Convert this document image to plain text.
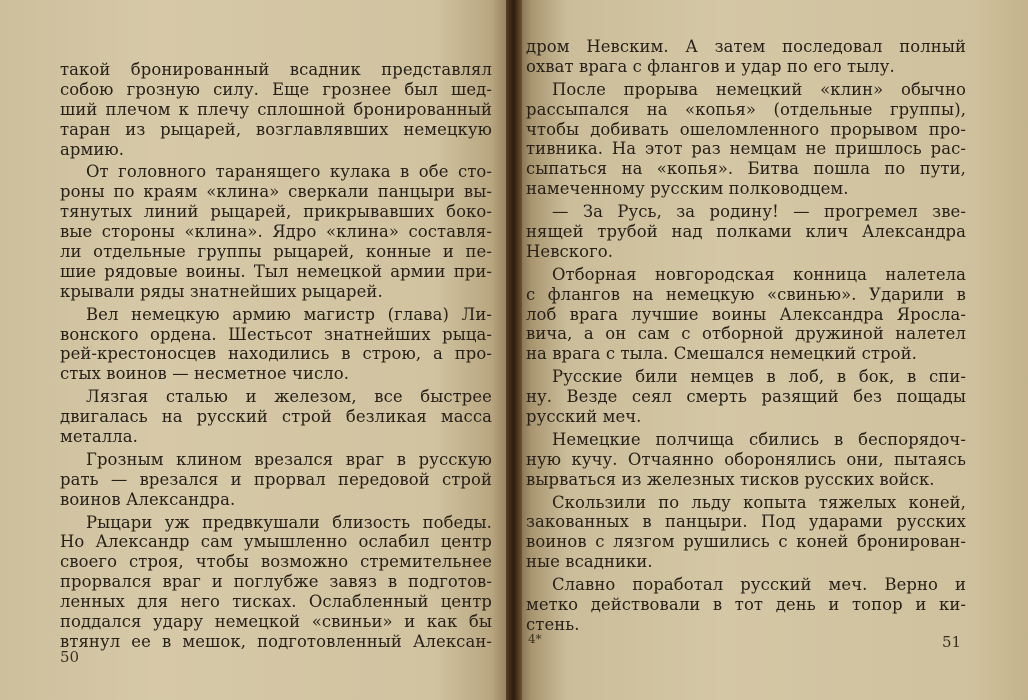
такой бронированный всадник представлял
собою грозную силу. Еще грознее был шед-
ший плечом к плечу сплошной бронированный
таран из рыцарей, возглавлявших немецкую
армию.
От головного таранящего кулака в обе сто-
роны по краям «клина» сверкали панцыри вы-
тянутых линий рыцарей, прикрывавших боко-
вые стороны «клина». Ядро «клина» составля-
ли отдельные группы рыцарей, конные и пе-
шие рядовые воины. Тыл немецкой армии при-
крывали ряды знатнейших рыцарей.
Вел немецкую армию магистр (глава) Ли-
вонского ордена. Шестьсот знатнейших рыца-
рей-крестоносцев находились в строю, а про-
стых воинов — несметное число.
Лязгая сталью и железом, все быстрее
двигалась на русский строй безликая масса
металла.
Грозным клином врезался враг в русскую
рать — врезался и прорвал передовой строй
воинов Александра.
Рыцари уж предвкушали близость победы.
Но Александр сам умышленно ослабил центр
своего строя, чтобы возможно стремительнее
прорвался враг и поглубже завяз в подготов-
ленных для него тисках. Ослабленный центр
поддался удару немецкой «свиньи» и как бы
втянул ее в мешок, подготовленный Алексан-
50
дром Невским. А затем последовал полный
охват врага с флангов и удар по его тылу.
После прорыва немецкий «клин» обычно
рассыпался на «копья» (отдельные группы),
чтобы добивать ошеломленного прорывом про-
тивника. На этот раз немцам не пришлось рас-
сыпаться на «копья». Битва пошла по пути,
намеченному русским полководцем.
— За Русь, за родину! — прогремел зве-
нящей трубой над полками клич Александра
Невского.
Отборная новгородская конница налетела
с флангов на немецкую «свинью». Ударили в
лоб врага лучшие воины Александра Яросла-
вича, а он сам с отборной дружиной налетел
на врага с тыла. Смешался немецкий строй.
Русские били немцев в лоб, в бок, в спи-
ну. Везде сеял смерть разящий без пощады
русский меч.
Немецкие полчища сбились в беспорядоч-
ную кучу. Отчаянно оборонялись они, пытаясь
вырваться из железных тисков русских войск.
Скользили по льду копыта тяжелых коней,
закованных в панцыри. Под ударами русских
воинов с лязгом рушились с коней бронирован-
ные всадники.
Славно поработал русский меч. Верно и
метко действовали в тот день и топор и ки-
стень.
4*	51
